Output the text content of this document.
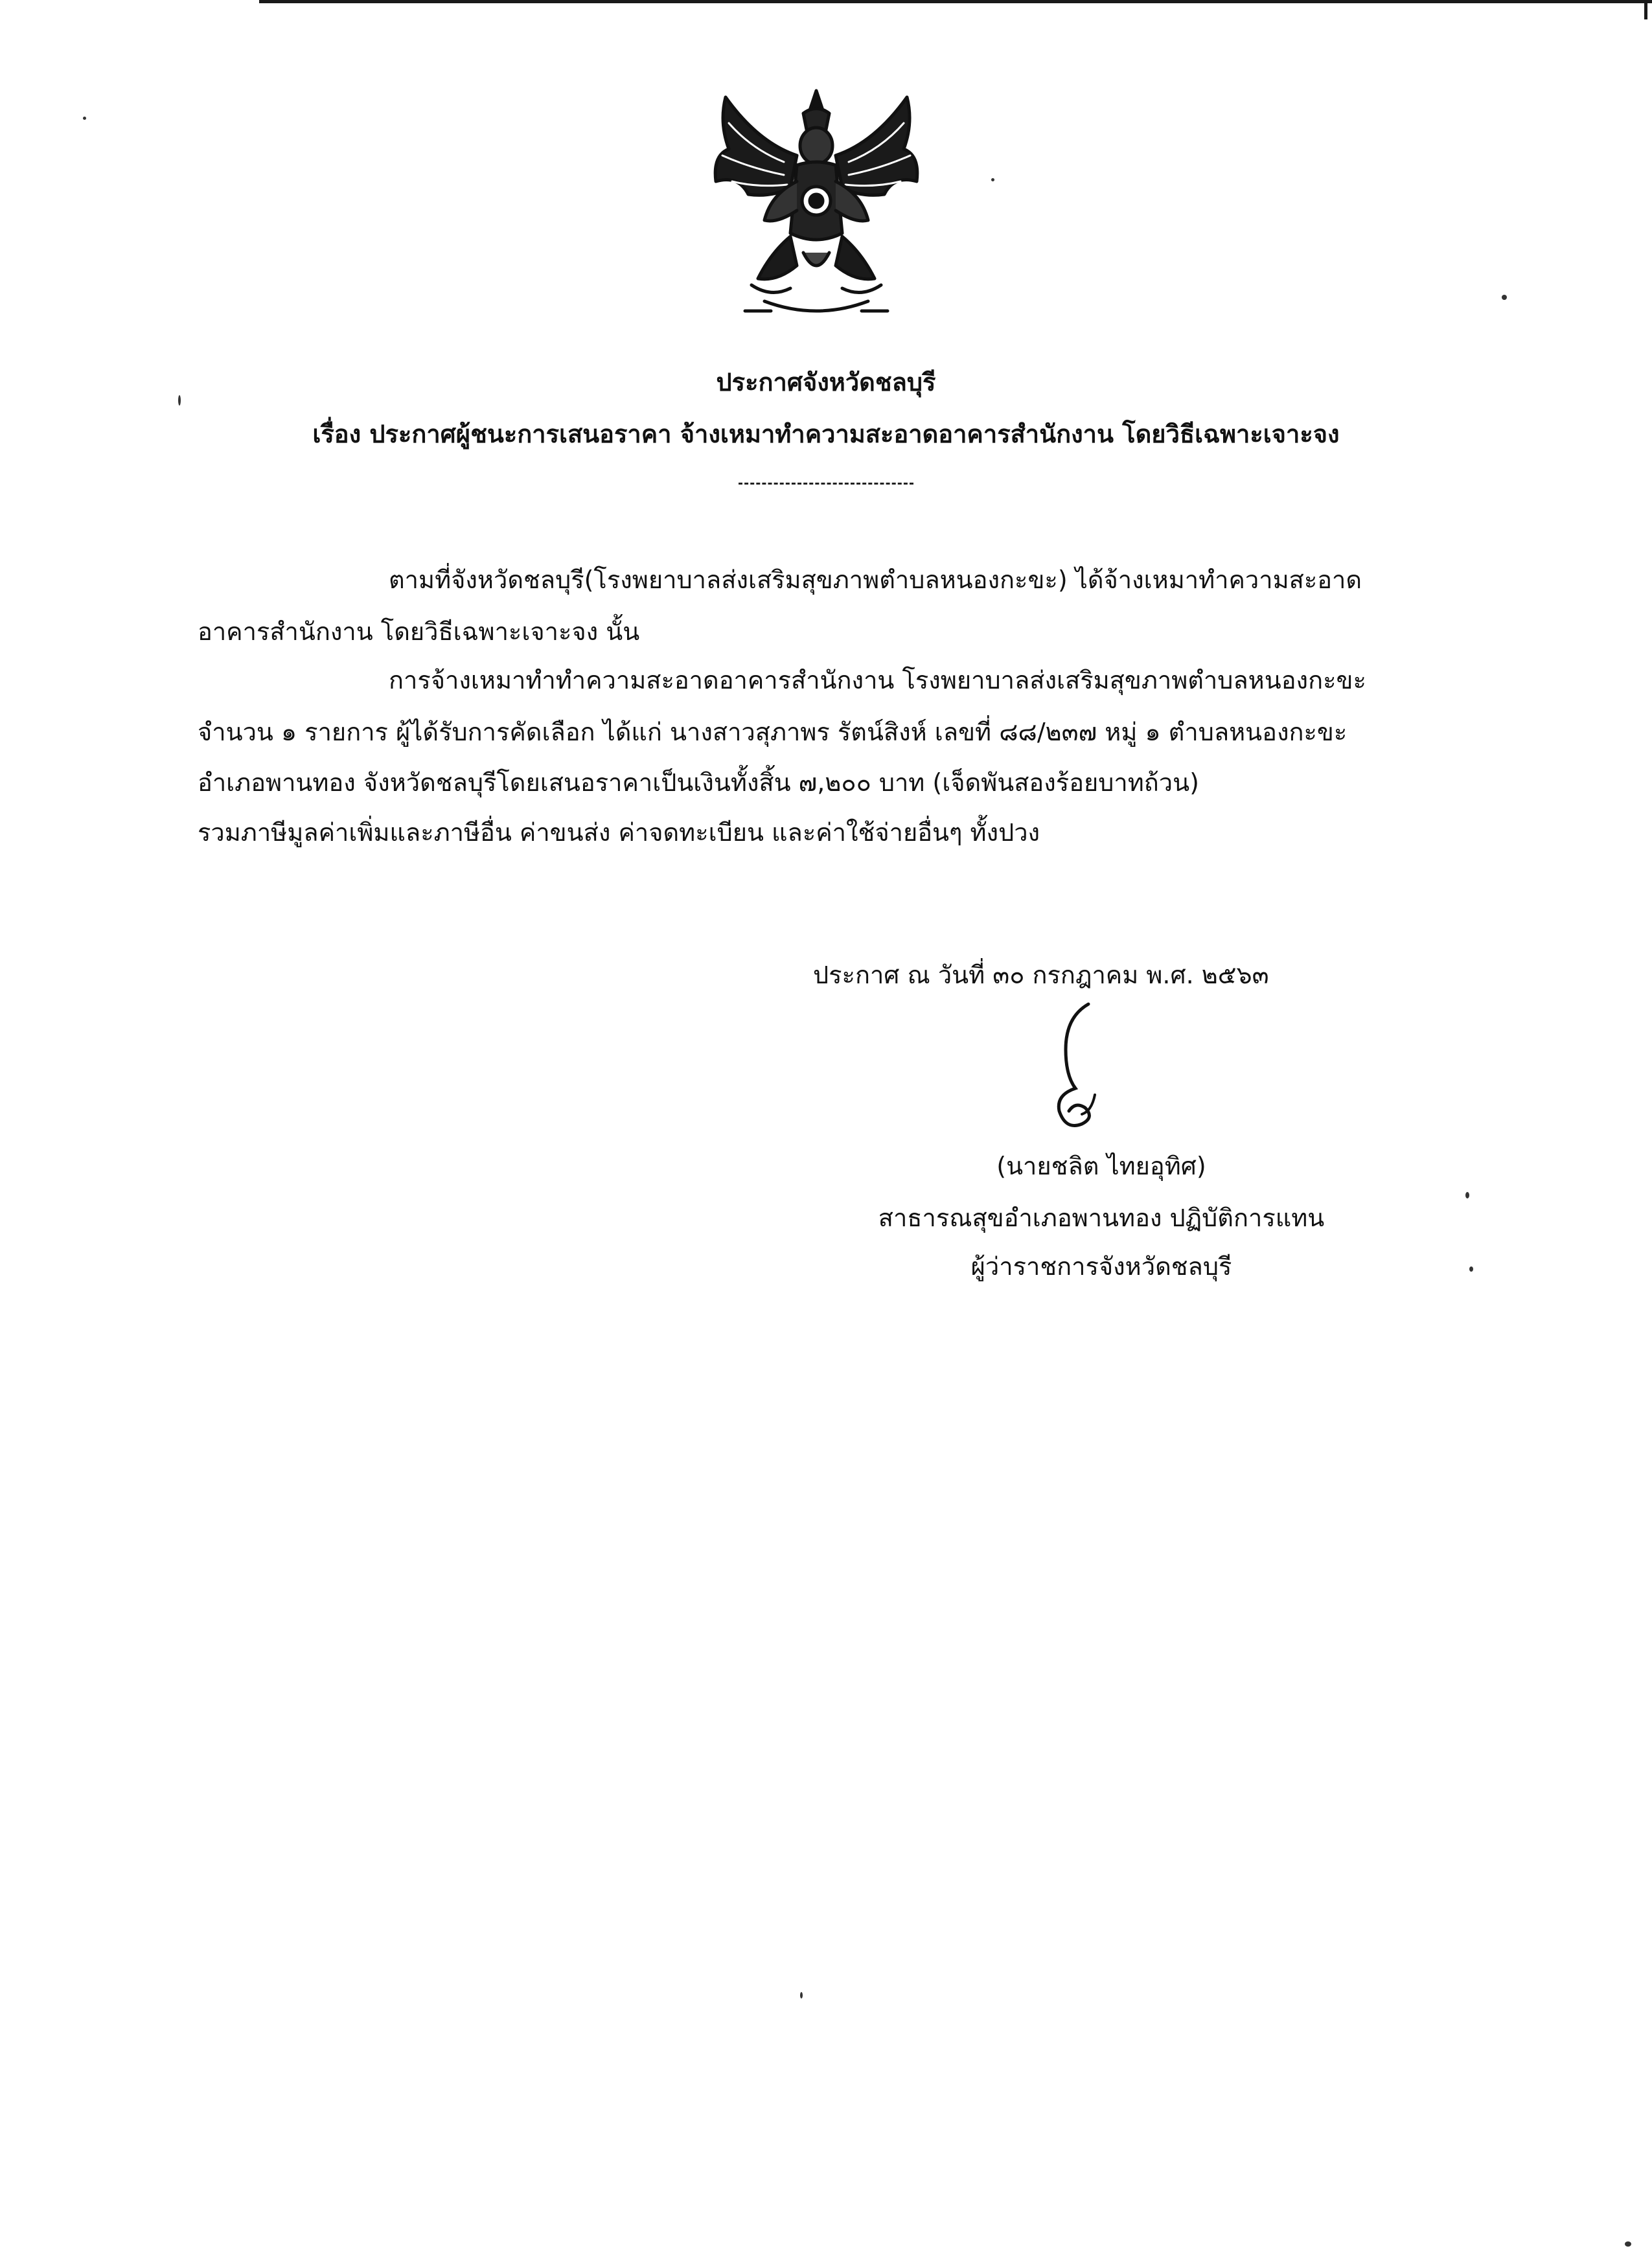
ประกาศจังหวัดชลบุรี
เรื่อง ประกาศผู้ชนะการเสนอราคา จ้างเหมาทำความสะอาดอาคารสำนักงาน โดยวิธีเฉพาะเจาะจง
ตามที่จังหวัดชลบุรี(โรงพยาบาลส่งเสริมสุขภาพตำบลหนองกะขะ) ได้จ้างเหมาทำความสะอาด
อาคารสำนักงาน โดยวิธีเฉพาะเจาะจง นั้น
การจ้างเหมาทำทำความสะอาดอาคารสำนักงาน โรงพยาบาลส่งเสริมสุขภาพตำบลหนองกะขะ
จำนวน ๑ รายการ ผู้ได้รับการคัดเลือก ได้แก่ นางสาวสุภาพร รัตน์สิงห์ เลขที่ ๘๘/๒๓๗ หมู่ ๑ ตำบลหนองกะขะ
อำเภอพานทอง จังหวัดชลบุรีโดยเสนอราคาเป็นเงินทั้งสิ้น ๗,๒๐๐ บาท (เจ็ดพันสองร้อยบาทถ้วน)
รวมภาษีมูลค่าเพิ่มและภาษีอื่น ค่าขนส่ง ค่าจดทะเบียน และค่าใช้จ่ายอื่นๆ ทั้งปวง
ประกาศ ณ วันที่ ๓๐ กรกฎาคม พ.ศ. ๒๕๖๓
(นายชลิต ไทยอุทิศ)
สาธารณสุขอำเภอพานทอง ปฏิบัติการแทน
ผู้ว่าราชการจังหวัดชลบุรี
